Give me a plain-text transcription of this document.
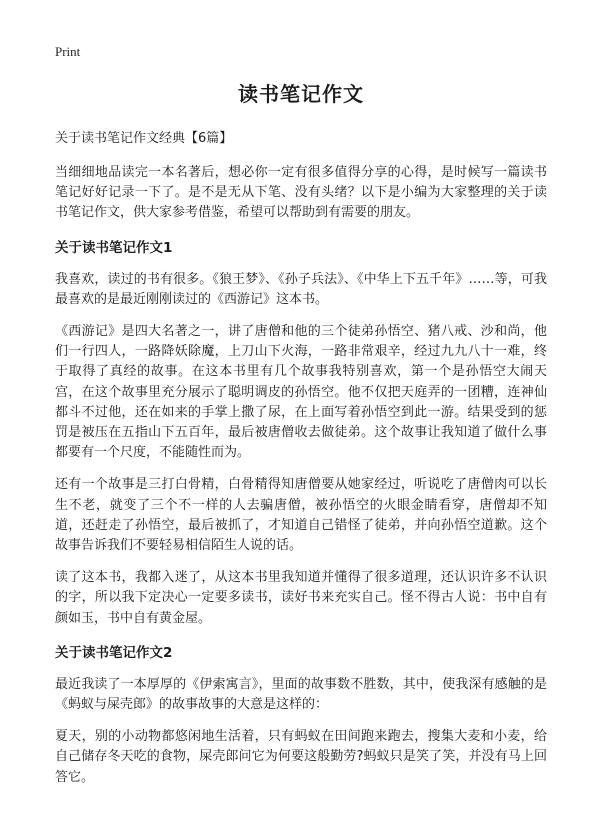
Print
读书笔记作文
关于读书笔记作文经典【6篇】

当细细地品读完一本名著后，想必你一定有很多值得分享的心得，是时候写一篇读书笔记好好记录一下了。是不是无从下笔、没有头绪？以下是小编为大家整理的关于读书笔记作文，供大家参考借鉴，希望可以帮助到有需要的朋友。

关于读书笔记作文1

我喜欢，读过的书有很多。《狼王梦》、《孙子兵法》、《中华上下五千年》……等，可我最喜欢的是最近刚刚读过的《西游记》这本书。

《西游记》是四大名著之一，讲了唐僧和他的三个徒弟孙悟空、猪八戒、沙和尚，他们一行四人，一路降妖除魔，上刀山下火海，一路非常艰辛，经过九九八十一难，终于取得了真经的故事。在这本书里有几个故事我特别喜欢，第一个是孙悟空大闹天宫，在这个故事里充分展示了聪明调皮的孙悟空。他不仅把天庭弄的一团糟，连神仙都斗不过他，还在如来的手掌上撒了尿，在上面写着孙悟空到此一游。结果受到的惩罚是被压在五指山下五百年，最后被唐僧收去做徒弟。这个故事让我知道了做什么事都要有一个尺度，不能随性而为。

还有一个故事是三打白骨精，白骨精得知唐僧要从她家经过，听说吃了唐僧肉可以长生不老，就变了三个不一样的人去骗唐僧，被孙悟空的火眼金睛看穿，唐僧却不知道，还赶走了孙悟空，最后被抓了，才知道自己错怪了徒弟，并向孙悟空道歉。这个故事告诉我们不要轻易相信陌生人说的话。

读了这本书，我都入迷了，从这本书里我知道并懂得了很多道理，还认识许多不认识的字，所以我下定决心一定要多读书，读好书来充实自己。怪不得古人说：书中自有颜如玉，书中自有黄金屋。

关于读书笔记作文2

最近我读了一本厚厚的《伊索寓言》，里面的故事数不胜数，其中，使我深有感触的是《蚂蚁与屎壳郎》的故事故事的大意是这样的：

夏天，别的小动物都悠闲地生活着，只有蚂蚁在田间跑来跑去，搜集大麦和小麦，给自己储存冬天吃的食物，屎壳郎问它为何要这般勤劳?蚂蚁只是笑了笑，并没有马上回答它。
